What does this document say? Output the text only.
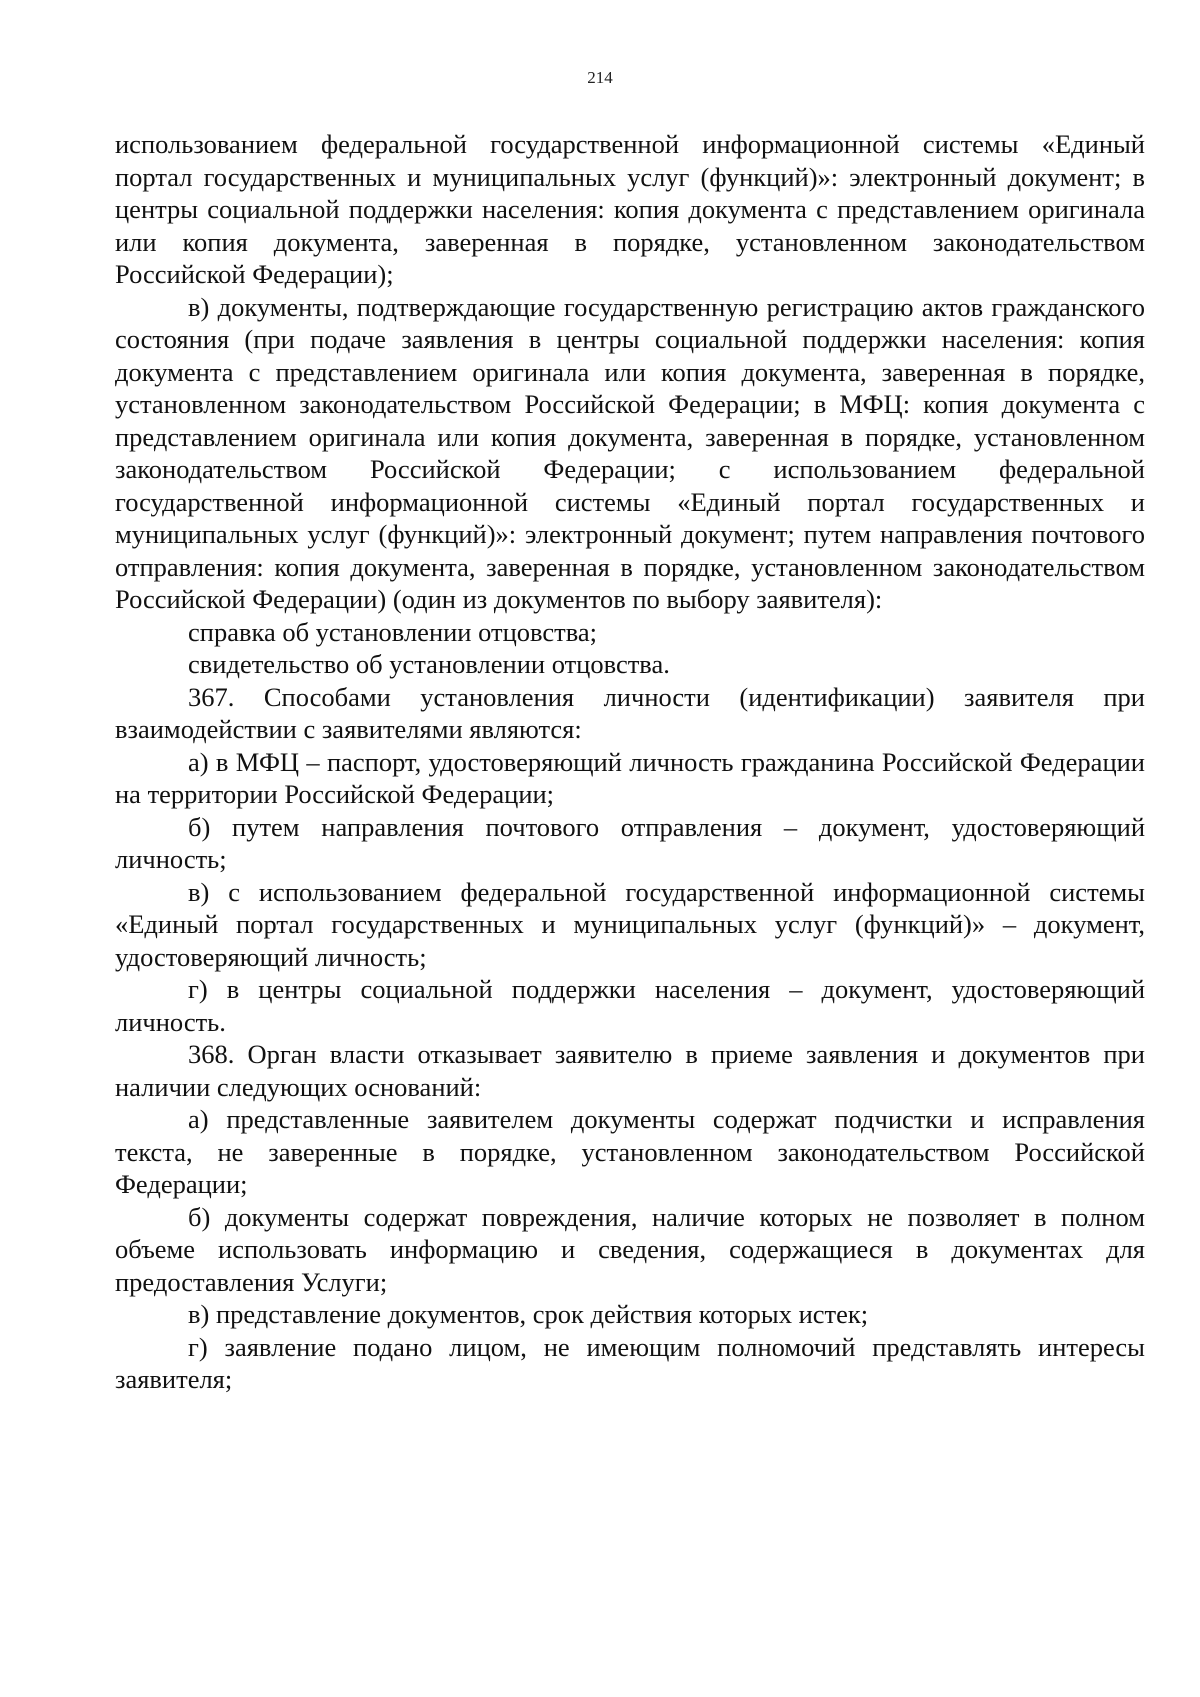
214

использованием федеральной государственной информационной системы «Единый портал государственных и муниципальных услуг (функций)»: электронный документ; в центры социальной поддержки населения: копия документа с представлением оригинала или копия документа, заверенная в порядке, установленном законодательством Российской Федерации);

в) документы, подтверждающие государственную регистрацию актов гражданского состояния (при подаче заявления в центры социальной поддержки населения: копия документа с представлением оригинала или копия документа, заверенная в порядке, установленном законодательством Российской Федерации; в МФЦ: копия документа с представлением оригинала или копия документа, заверенная в порядке, установленном законодательством Российской Федерации; с использованием федеральной государственной информационной системы «Единый портал государственных и муниципальных услуг (функций)»: электронный документ; путем направления почтового отправления: копия документа, заверенная в порядке, установленном законодательством Российской Федерации) (один из документов по выбору заявителя):

справка об установлении отцовства;

свидетельство об установлении отцовства.

367. Способами установления личности (идентификации) заявителя при взаимодействии с заявителями являются:

а) в МФЦ – паспорт, удостоверяющий личность гражданина Российской Федерации на территории Российской Федерации;

б) путем направления почтового отправления – документ, удостоверяющий личность;

в) с использованием федеральной государственной информационной системы «Единый портал государственных и муниципальных услуг (функций)» – документ, удостоверяющий личность;

г) в центры социальной поддержки населения – документ, удостоверяющий личность.

368. Орган власти отказывает заявителю в приеме заявления и документов при наличии следующих оснований:

а) представленные заявителем документы содержат подчистки и исправления текста, не заверенные в порядке, установленном законодательством Российской Федерации;

б) документы содержат повреждения, наличие которых не позволяет в полном объеме использовать информацию и сведения, содержащиеся в документах для предоставления Услуги;

в) представление документов, срок действия которых истек;

г) заявление подано лицом, не имеющим полномочий представлять интересы заявителя;
